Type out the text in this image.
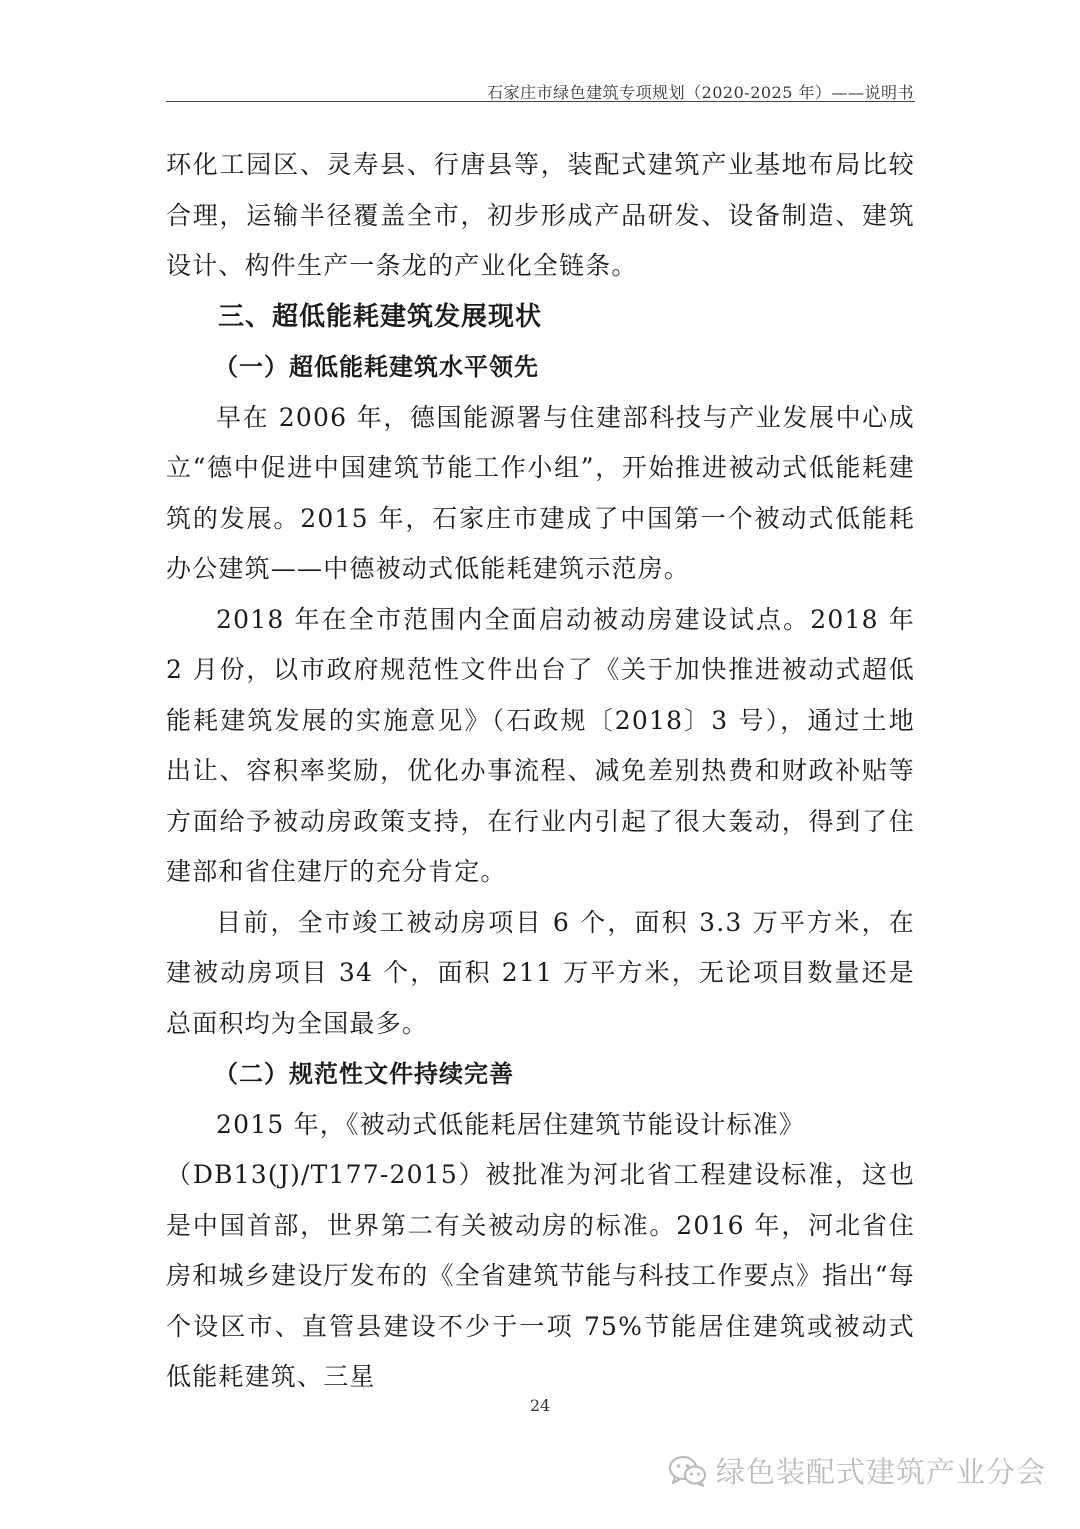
石家庄市绿色建筑专项规划（2020-2025 年）——说明书

环化工园区、灵寿县、行唐县等，装配式建筑产业基地布局比较合理，运输半径覆盖全市，初步形成产品研发、设备制造、建筑设计、构件生产一条龙的产业化全链条。

三、超低能耗建筑发展现状
（一）超低能耗建筑水平领先

早在 2006 年，德国能源署与住建部科技与产业发展中心成立“德中促进中国建筑节能工作小组”，开始推进被动式低能耗建筑的发展。2015 年，石家庄市建成了中国第一个被动式低能耗办公建筑——中德被动式低能耗建筑示范房。

2018 年在全市范围内全面启动被动房建设试点。2018 年 2 月份，以市政府规范性文件出台了《关于加快推进被动式超低能耗建筑发展的实施意见》（石政规〔2018〕3 号），通过土地出让、容积率奖励，优化办事流程、减免差别热费和财政补贴等方面给予被动房政策支持，在行业内引起了很大轰动，得到了住建部和省住建厅的充分肯定。

目前，全市竣工被动房项目 6 个，面积 3.3 万平方米，在建被动房项目 34 个，面积 211 万平方米，无论项目数量还是总面积均为全国最多。

（二）规范性文件持续完善

2015 年，《被动式低能耗居住建筑节能设计标准》

（DB13(J)/T177-2015）被批准为河北省工程建设标准，这也是中国首部，世界第二有关被动房的标准。2016 年，河北省住房和城乡建设厅发布的《全省建筑节能与科技工作要点》指出“每个设区市、直管县建设不少于一项 75%节能居住建筑或被动式低能耗建筑、三星

24
绿色装配式建筑产业分会
